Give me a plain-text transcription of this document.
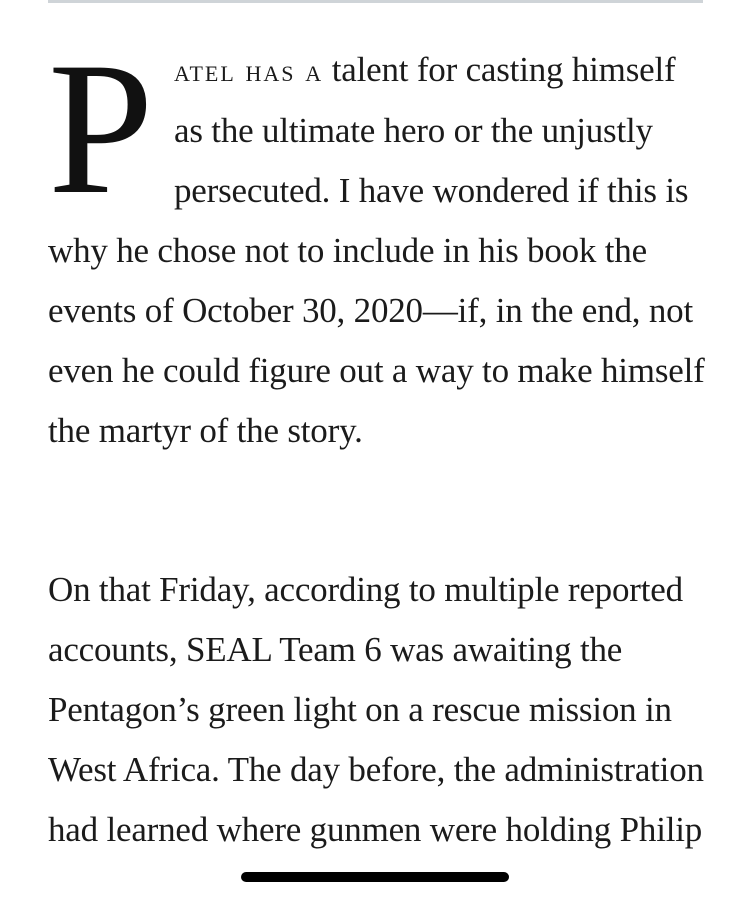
Patel has a talent for casting himself as the ultimate hero or the unjustly persecuted. I have wondered if this is why he chose not to include in his book the events of October 30, 2020—if, in the end, not even he could figure out a way to make himself the martyr of the story.

On that Friday, according to multiple reported accounts, SEAL Team 6 was awaiting the Pentagon’s green light on a rescue mission in West Africa. The day before, the administration had learned where gunmen were holding Philip
